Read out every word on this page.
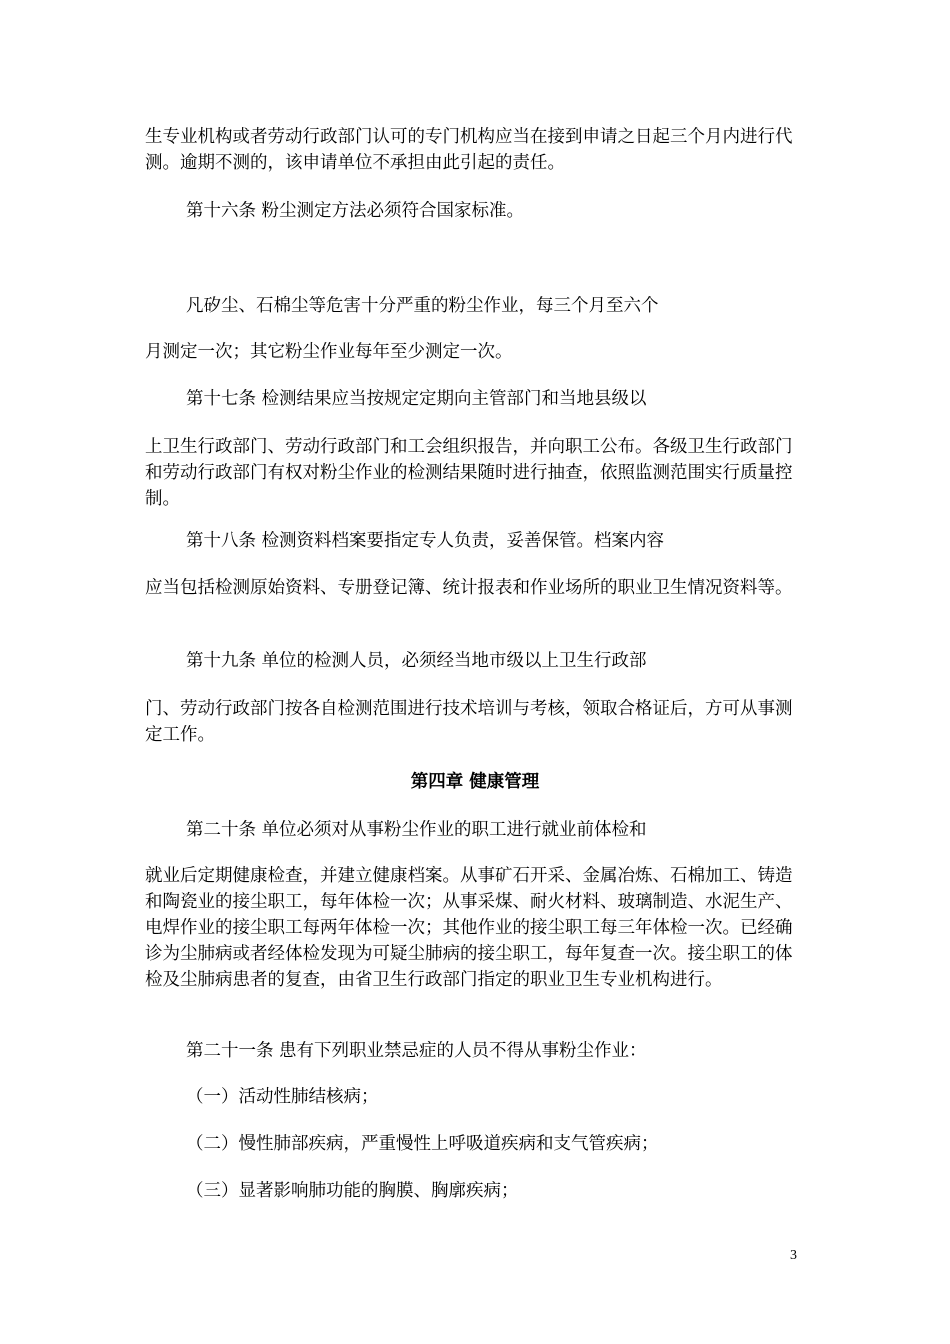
生专业机构或者劳动行政部门认可的专门机构应当在接到申请之日起三个月内进行代测。逾期不测的，该申请单位不承担由此引起的责任。

第十六条 粉尘测定方法必须符合国家标准。

凡矽尘、石棉尘等危害十分严重的粉尘作业，每三个月至六个

月测定一次；其它粉尘作业每年至少测定一次。

第十七条 检测结果应当按规定定期向主管部门和当地县级以

上卫生行政部门、劳动行政部门和工会组织报告，并向职工公布。各级卫生行政部门和劳动行政部门有权对粉尘作业的检测结果随时进行抽查，依照监测范围实行质量控制。

第十八条 检测资料档案要指定专人负责，妥善保管。档案内容

应当包括检测原始资料、专册登记簿、统计报表和作业场所的职业卫生情况资料等。

第十九条 单位的检测人员，必须经当地市级以上卫生行政部

门、劳动行政部门按各自检测范围进行技术培训与考核，领取合格证后，方可从事测定工作。

第四章 健康管理

第二十条 单位必须对从事粉尘作业的职工进行就业前体检和

就业后定期健康检查，并建立健康档案。从事矿石开采、金属冶炼、石棉加工、铸造和陶瓷业的接尘职工，每年体检一次；从事采煤、耐火材料、玻璃制造、水泥生产、电焊作业的接尘职工每两年体检一次；其他作业的接尘职工每三年体检一次。已经确诊为尘肺病或者经体检发现为可疑尘肺病的接尘职工，每年复查一次。接尘职工的体检及尘肺病患者的复查，由省卫生行政部门指定的职业卫生专业机构进行。

第二十一条 患有下列职业禁忌症的人员不得从事粉尘作业：

（一）活动性肺结核病；

（二）慢性肺部疾病，严重慢性上呼吸道疾病和支气管疾病；

（三）显著影响肺功能的胸膜、胸廓疾病；

3
